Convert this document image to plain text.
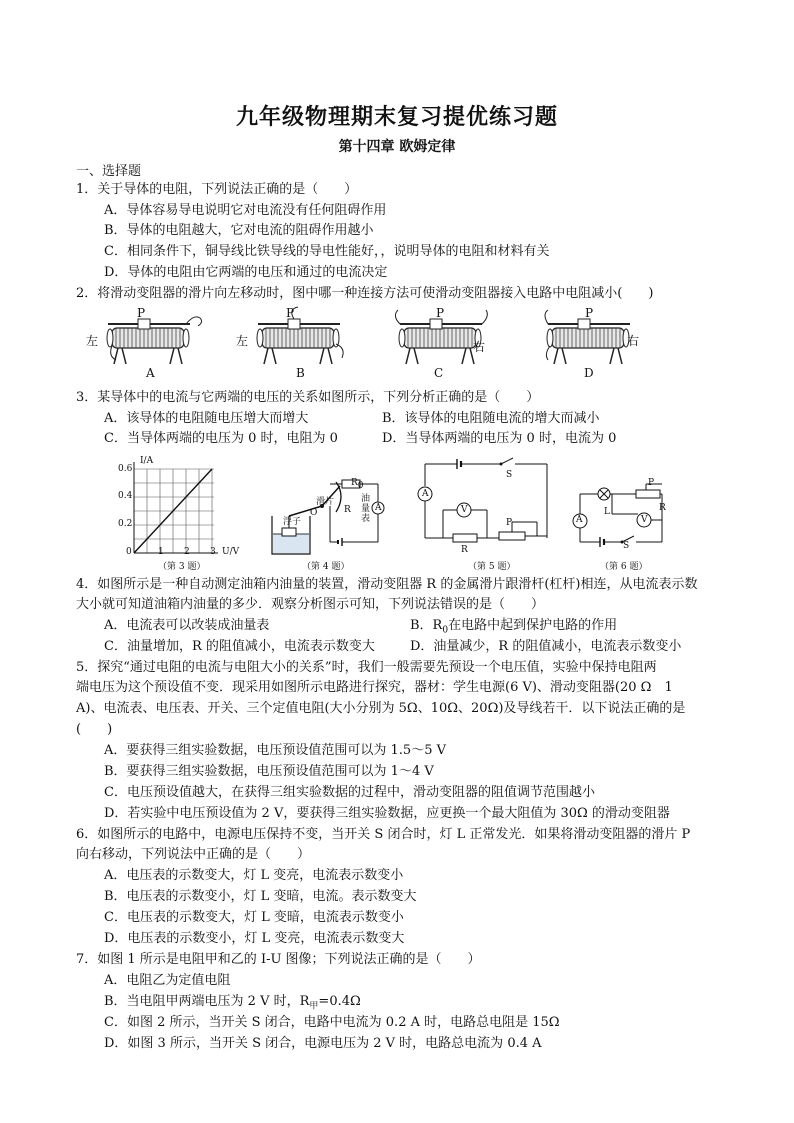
九年级物理期末复习提优练习题
第十四章 欧姆定律
一、选择题
1．关于导体的电阻，下列说法正确的是（　　）
A．导体容易导电说明它对电流没有任何阻碍作用
B．导体的电阻越大，它对电流的阻碍作用越小
C．相同条件下，铜导线比铁导线的导电性能好，，说明导体的电阻和材料有关
D．导体的电阻由它两端的电压和通过的电流决定
2．将滑动变阻器的滑片向左移动时，图中哪一种连接方法可使滑动变阻器接入电路中电阻减小(　　)
P
左
A
P
左
B
P
右
C
P
右
D
3．某导体中的电流与它两端的电压的关系如图所示，下列分析正确的是（　　）
A．该导体的电阻随电压增大而增大	B．该导体的电阻随电流的增大而减小
C．当导体两端的电压为 0 时，电阻为 0	D．当导体两端的电压为 0 时，电流为 0
I/A
U/V
0.6
0.4
0.2
0	1 2 3
（第 3 题）
$R_0$
滑片
R
O
浮子
油量表
A
（第 4 题）
S
A
V
P
R
（第 5 题）
P
R
L
A	V
S
（第 6 题）
4．如图所示是一种自动测定油箱内油量的装置，滑动变阻器 R 的金属滑片跟滑杆(杠杆)相连，从电流表示数
大小就可知道油箱内油量的多少．观察分析图示可知，下列说法错误的是（　　）
A．电流表可以改装成油量表	B．$R_0$在电路中起到保护电路的作用
C．油量增加，R 的阻值减小，电流表示数变大	D．油量减少，R 的阻值减小，电流表示数变小
5．探究“通过电阻的电流与电阻大小的关系”时，我们一般需要先预设一个电压值，实验中保持电阻两
端电压为这个预设值不变．现采用如图所示电路进行探究，器材：学生电源(6 V)、滑动变阻器(20 Ω　1
A)、电流表、电压表、开关、三个定值电阻(大小分别为 5Ω、10Ω、20Ω)及导线若干．以下说法正确的是
(　　)
A．要获得三组实验数据，电压预设值范围可以为 1.5～5 V
B．要获得三组实验数据，电压预设值范围可以为 1～4 V
C．电压预设值越大，在获得三组实验数据的过程中，滑动变阻器的阻值调节范围越小
D．若实验中电压预设值为 2 V，要获得三组实验数据，应更换一个最大阻值为 30Ω 的滑动变阻器
6．如图所示的电路中，电源电压保持不变，当开关 S 闭合时，灯 L 正常发光．如果将滑动变阻器的滑片 P
向右移动，下列说法中正确的是（　　）
A．电压表的示数变大，灯 L 变亮，电流表示数变小
B．电压表的示数变小，灯 L 变暗，电流。表示数变大
C．电压表的示数变大，灯 L 变暗，电流表示数变小
D．电压表的示数变小，灯 L 变亮，电流表示数变大
7．如图 1 所示是电阻甲和乙的 I-U 图像；下列说法正确的是（　　）
A．电阻乙为定值电阻
B．当电阻甲两端电压为 2 V 时，$R_甲=0.4\Omega$
C．如图 2 所示，当开关 S 闭合，电路中电流为 0.2 A 时，电路总电阻是 15Ω
D．如图 3 所示，当开关 S 闭合，电源电压为 2 V 时，电路总电流为 0.4 A
